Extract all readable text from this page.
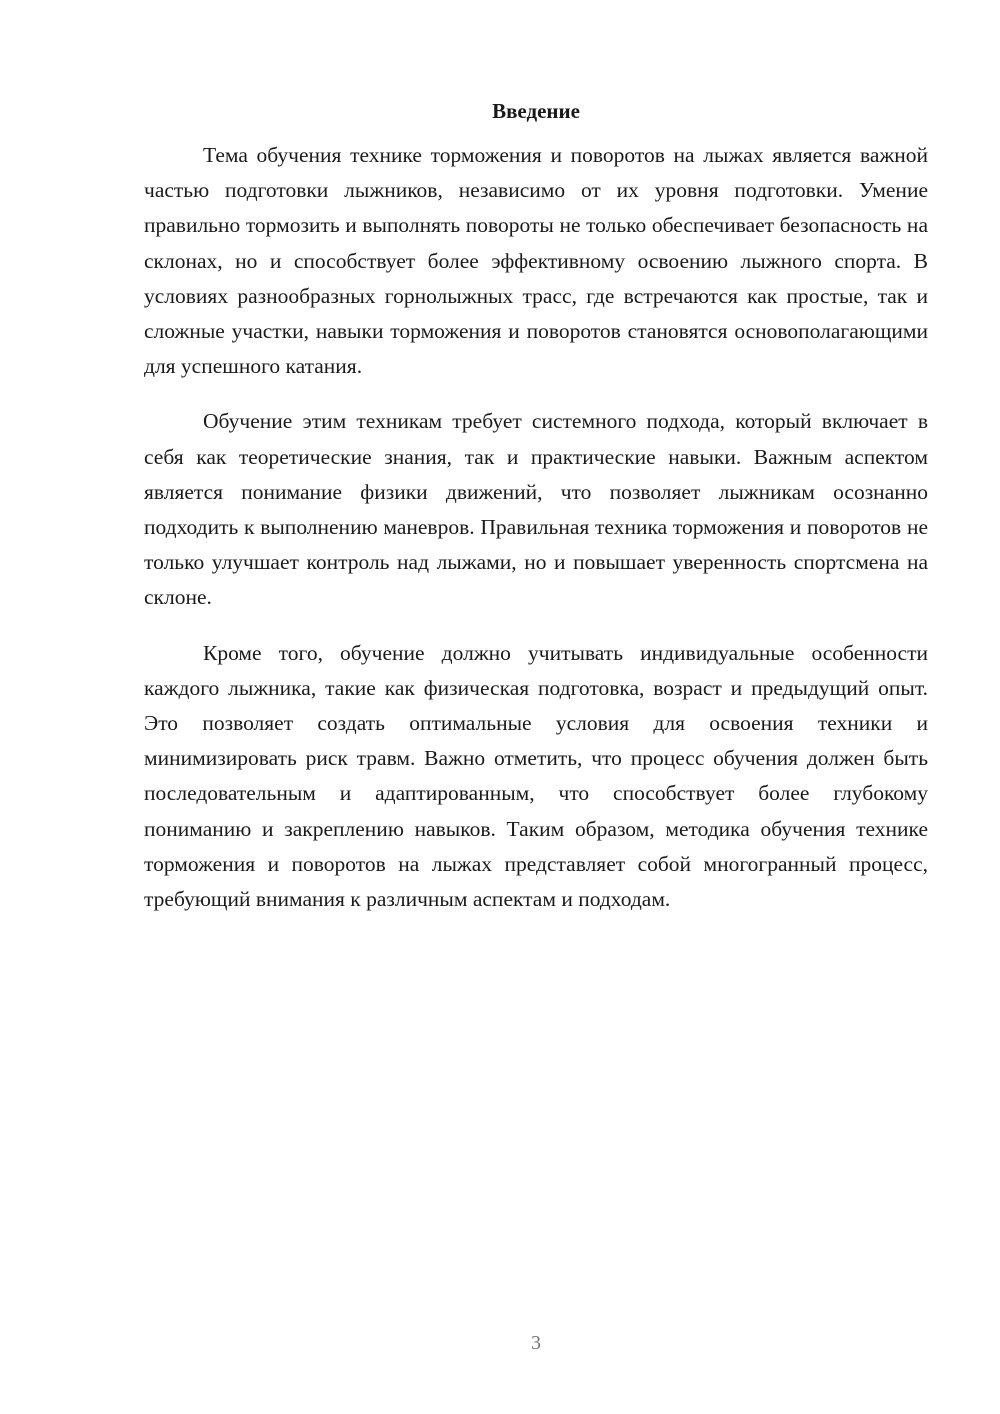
Введение

Тема обучения технике торможения и поворотов на лыжах является важной частью подготовки лыжников, независимо от их уровня подготовки. Умение правильно тормозить и выполнять повороты не только обеспечивает безопасность на склонах, но и способствует более эффективному освоению лыжного спорта. В условиях разнообразных горнолыжных трасс, где встречаются как простые, так и сложные участки, навыки торможения и поворотов становятся основополагающими для успешного катания.

Обучение этим техникам требует системного подхода, который включает в себя как теоретические знания, так и практические навыки. Важным аспектом является понимание физики движений, что позволяет лыжникам осознанно подходить к выполнению маневров. Правильная техника торможения и поворотов не только улучшает контроль над лыжами, но и повышает уверенность спортсмена на склоне.

Кроме того, обучение должно учитывать индивидуальные особенности каждого лыжника, такие как физическая подготовка, возраст и предыдущий опыт. Это позволяет создать оптимальные условия для освоения техники и минимизировать риск травм. Важно отметить, что процесс обучения должен быть последовательным и адаптированным, что способствует более глубокому пониманию и закреплению навыков. Таким образом, методика обучения технике торможения и поворотов на лыжах представляет собой многогранный процесс, требующий внимания к различным аспектам и подходам.

3
